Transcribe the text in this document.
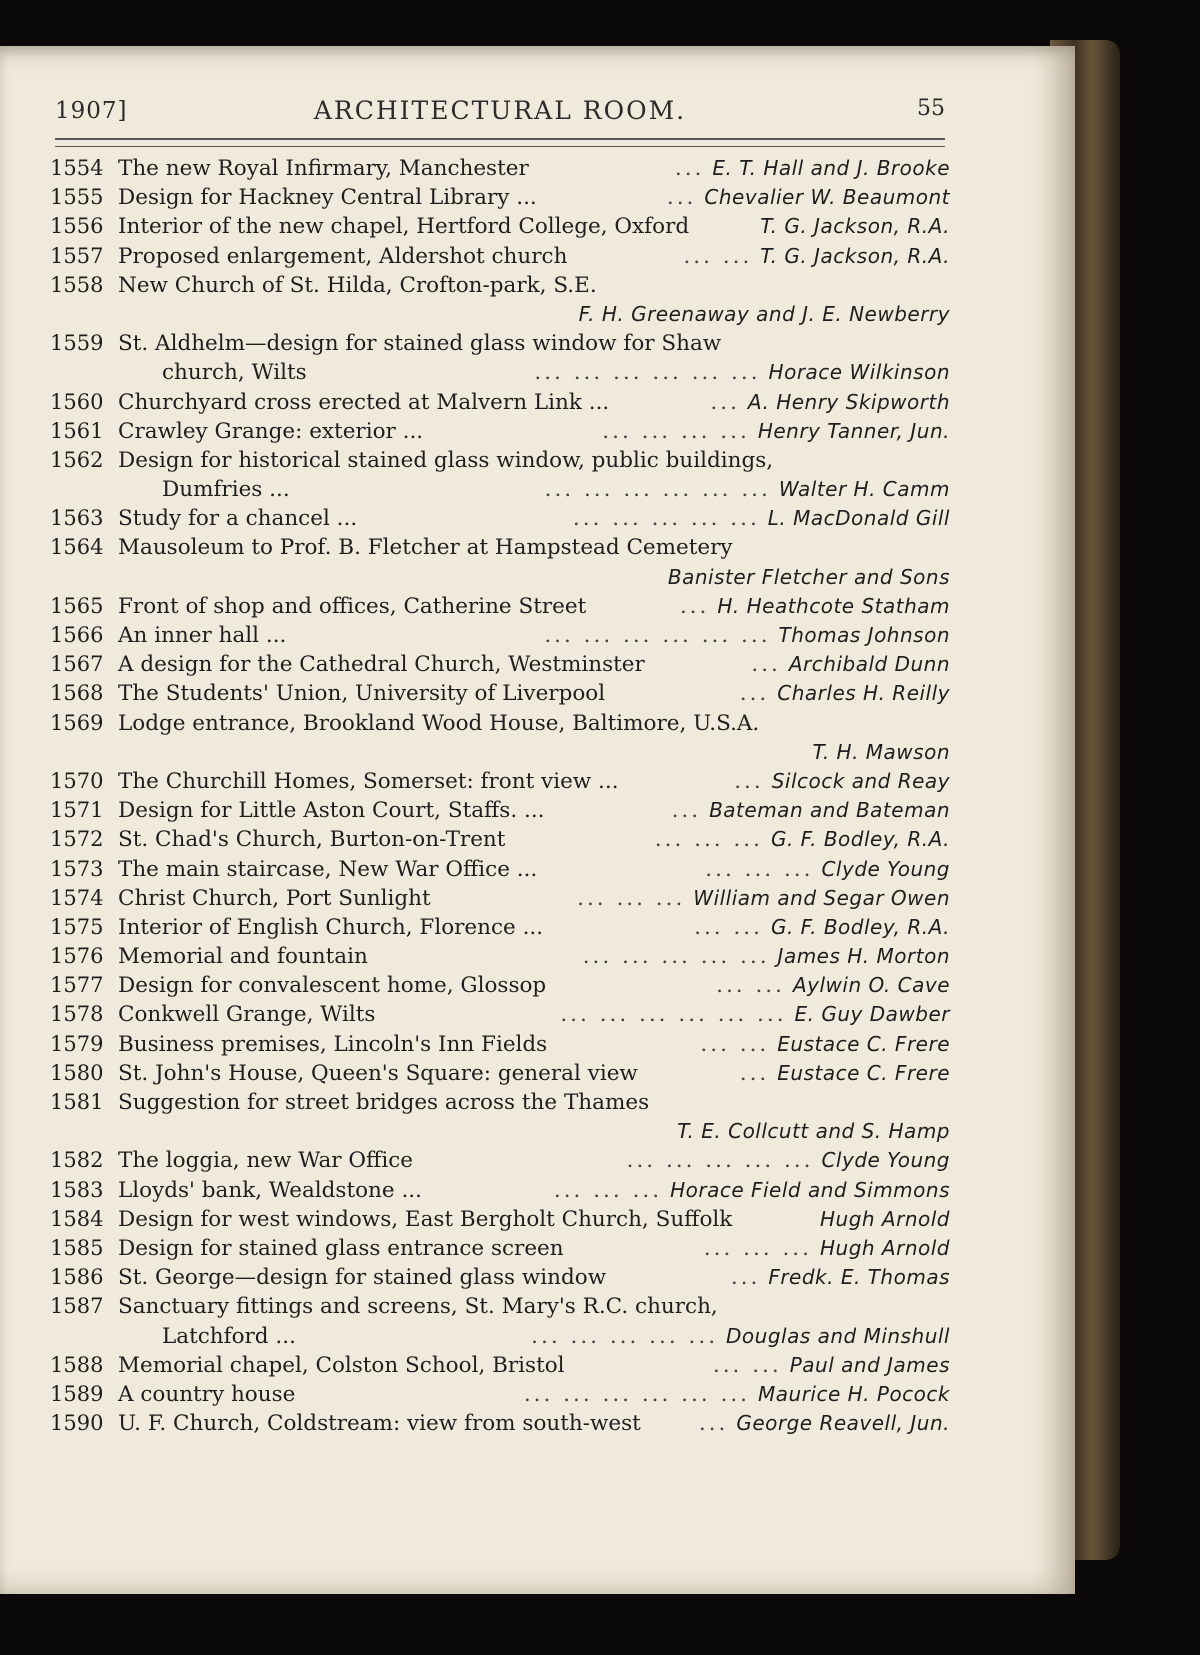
1907]	ARCHITECTURAL ROOM.	55
1554 The new Royal Infirmary, Manchester	... E. T. Hall and J. Brooke
1555 Design for Hackney Central Library ...	... Chevalier W. Beaumont
1556 Interior of the new chapel, Hertford College, Oxford	T. G. Jackson, R.A.
1557 Proposed enlargement, Aldershot church	... ... T. G. Jackson, R.A.
1558 New Church of St. Hilda, Crofton-park, S.E.
F. H. Greenaway and J. E. Newberry
1559 St. Aldhelm—design for stained glass window for Shaw
church, Wilts	... ... ... ... ... ... Horace Wilkinson
1560 Churchyard cross erected at Malvern Link ...	... A. Henry Skipworth
1561 Crawley Grange: exterior ...	... ... ... ... Henry Tanner, Jun.
1562 Design for historical stained glass window, public buildings,
Dumfries ...	... ... ... ... ... ... Walter H. Camm
1563 Study for a chancel ...	... ... ... ... ... L. MacDonald Gill
1564 Mausoleum to Prof. B. Fletcher at Hampstead Cemetery
Banister Fletcher and Sons
1565 Front of shop and offices, Catherine Street	... H. Heathcote Statham
1566 An inner hall ...	... ... ... ... ... ... Thomas Johnson
1567 A design for the Cathedral Church, Westminster	... Archibald Dunn
1568 The Students' Union, University of Liverpool	... Charles H. Reilly
1569 Lodge entrance, Brookland Wood House, Baltimore, U.S.A.
T. H. Mawson
1570 The Churchill Homes, Somerset: front view ...	... Silcock and Reay
1571 Design for Little Aston Court, Staffs. ...	... Bateman and Bateman
1572 St. Chad's Church, Burton-on-Trent	... ... ... G. F. Bodley, R.A.
1573 The main staircase, New War Office ...	... ... ... Clyde Young
1574 Christ Church, Port Sunlight	... ... ... William and Segar Owen
1575 Interior of English Church, Florence ...	... ... G. F. Bodley, R.A.
1576 Memorial and fountain	... ... ... ... ... James H. Morton
1577 Design for convalescent home, Glossop	... ... Aylwin O. Cave
1578 Conkwell Grange, Wilts	... ... ... ... ... ... E. Guy Dawber
1579 Business premises, Lincoln's Inn Fields	... ... Eustace C. Frere
1580 St. John's House, Queen's Square: general view	... Eustace C. Frere
1581 Suggestion for street bridges across the Thames
T. E. Collcutt and S. Hamp
1582 The loggia, new War Office	... ... ... ... ... Clyde Young
1583 Lloyds' bank, Wealdstone ...	... ... ... Horace Field and Simmons
1584 Design for west windows, East Bergholt Church, Suffolk	Hugh Arnold
1585 Design for stained glass entrance screen	... ... ... Hugh Arnold
1586 St. George—design for stained glass window	... Fredk. E. Thomas
1587 Sanctuary fittings and screens, St. Mary's R.C. church,
Latchford ...	... ... ... ... ... Douglas and Minshull
1588 Memorial chapel, Colston School, Bristol	... ... Paul and James
1589 A country house	... ... ... ... ... ... Maurice H. Pocock
1590 U. F. Church, Coldstream: view from south-west	... George Reavell, Jun.
